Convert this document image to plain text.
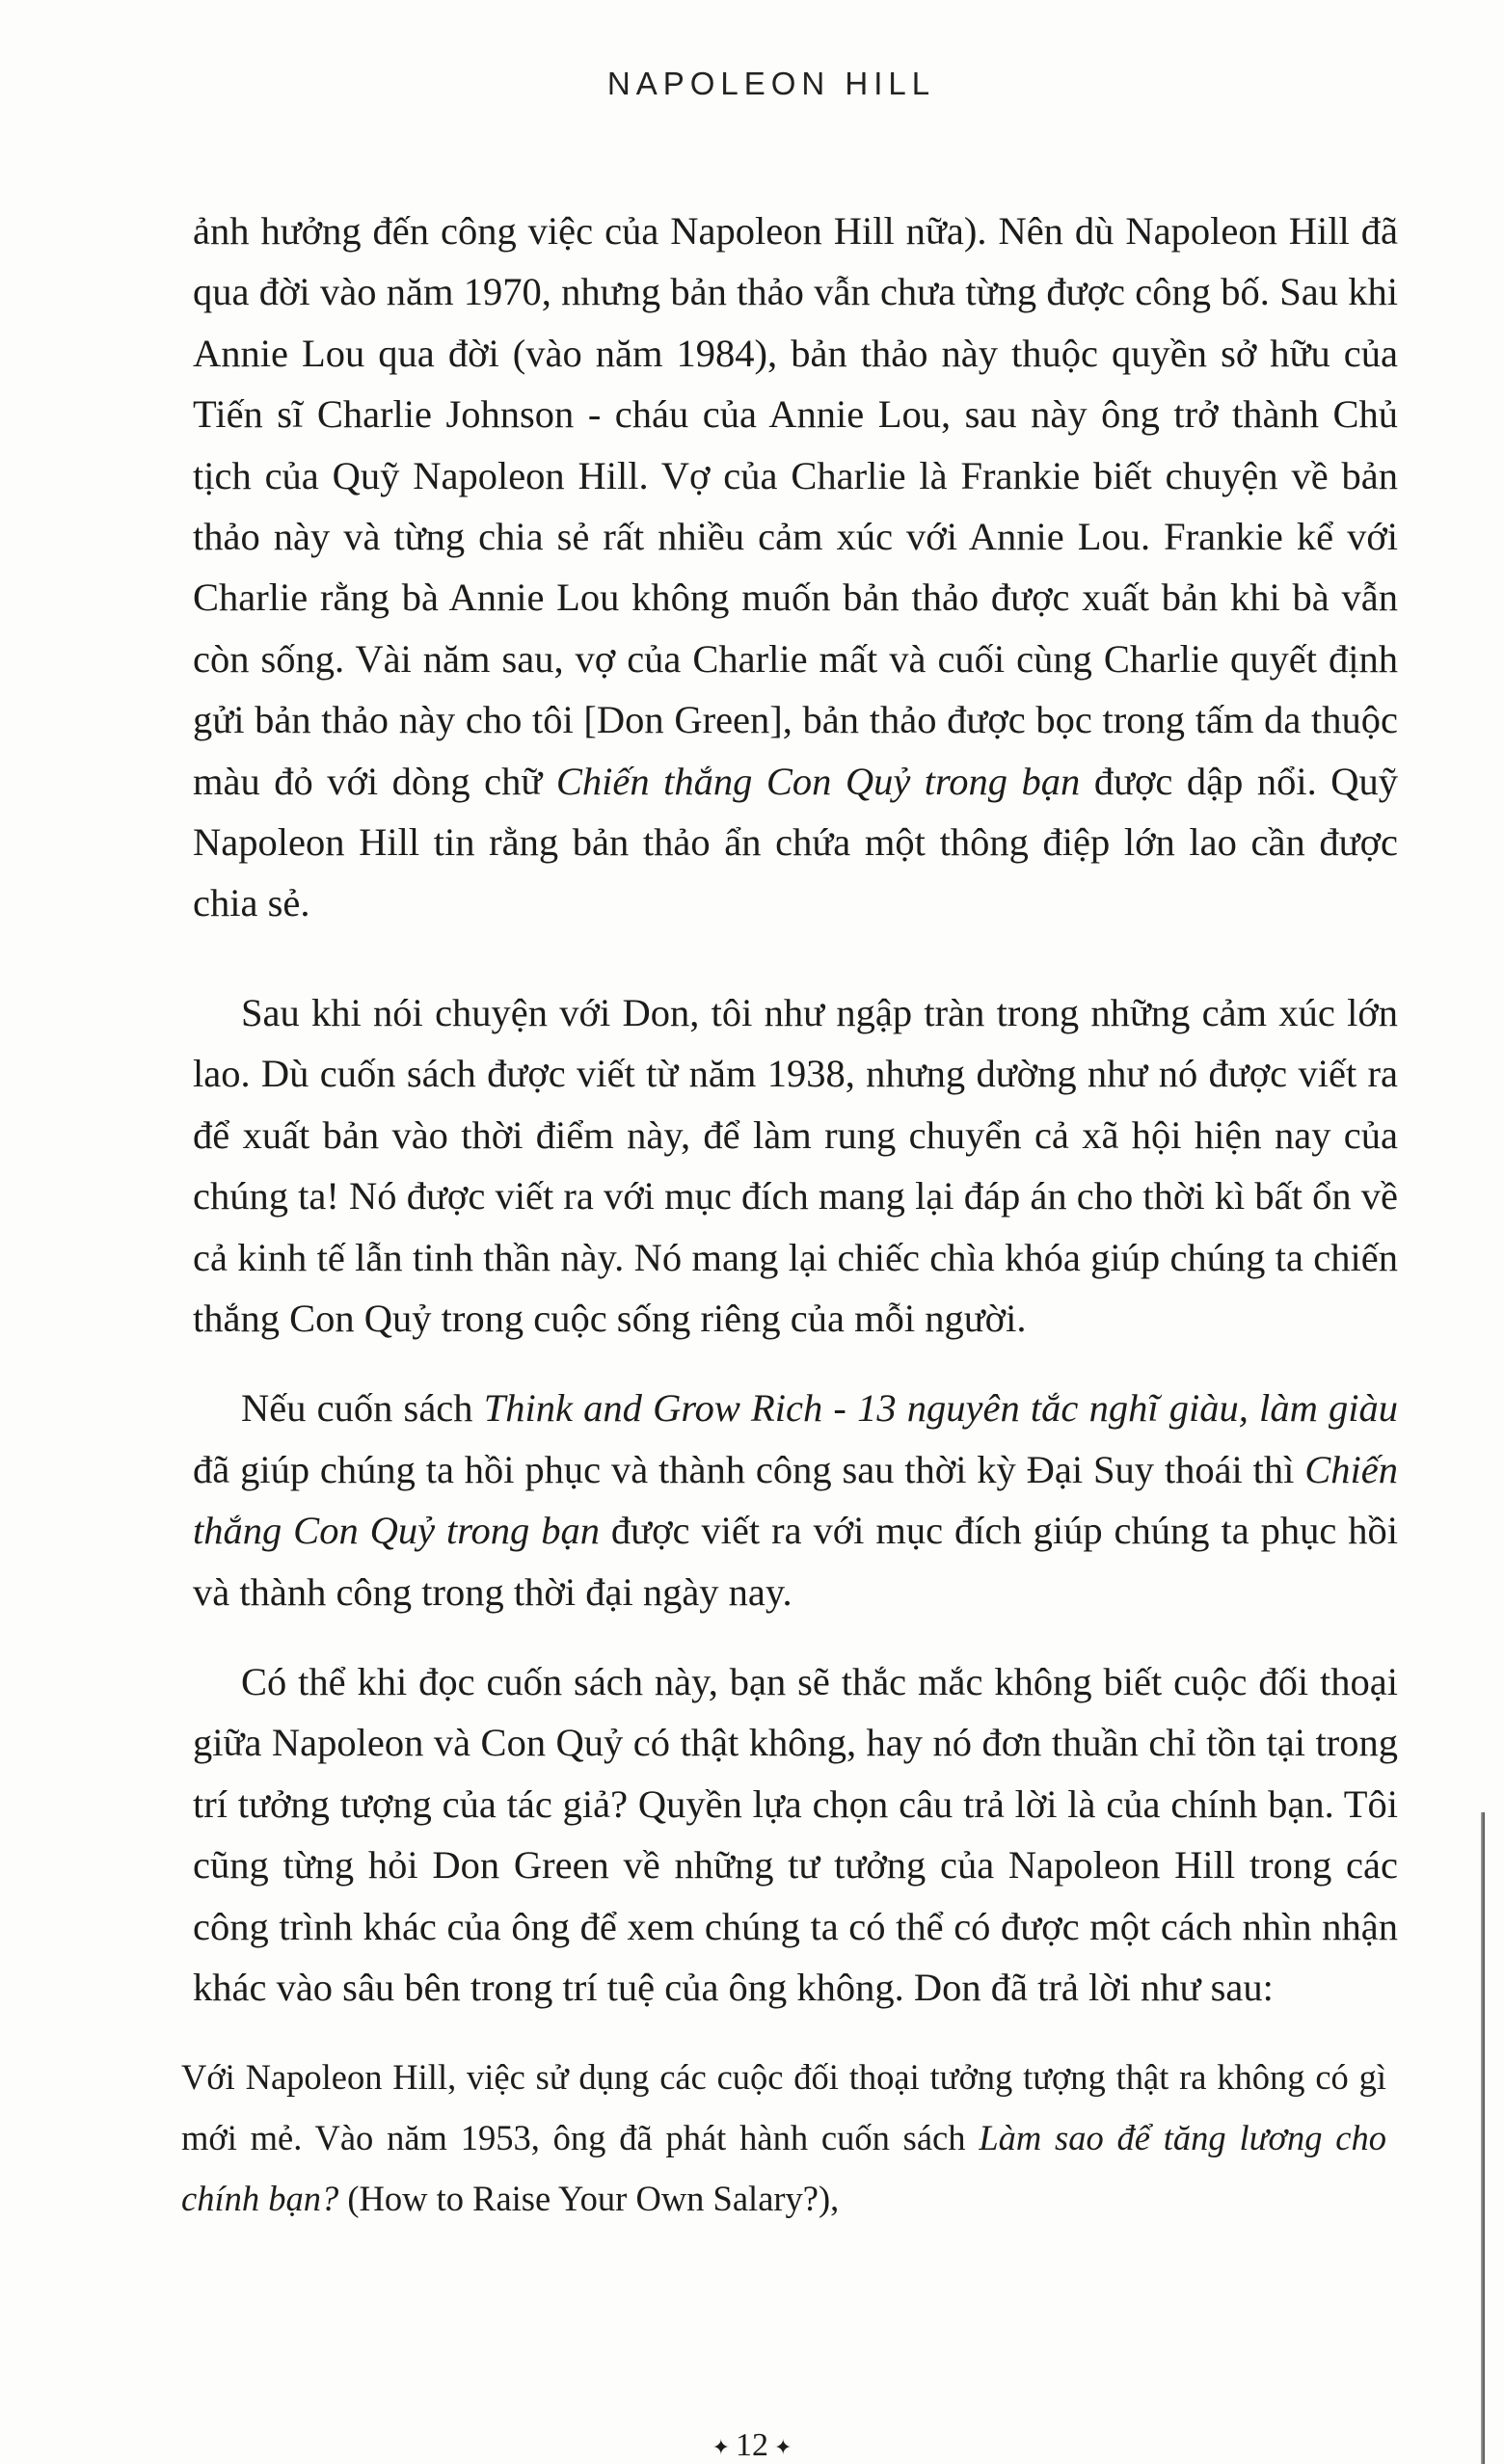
NAPOLEON HILL

ảnh hưởng đến công việc của Napoleon Hill nữa). Nên dù Napoleon Hill đã qua đời vào năm 1970, nhưng bản thảo vẫn chưa từng được công bố. Sau khi Annie Lou qua đời (vào năm 1984), bản thảo này thuộc quyền sở hữu của Tiến sĩ Charlie Johnson - cháu của Annie Lou, sau này ông trở thành Chủ tịch của Quỹ Napoleon Hill. Vợ của Charlie là Frankie biết chuyện về bản thảo này và từng chia sẻ rất nhiều cảm xúc với Annie Lou. Frankie kể với Charlie rằng bà Annie Lou không muốn bản thảo được xuất bản khi bà vẫn còn sống. Vài năm sau, vợ của Charlie mất và cuối cùng Charlie quyết định gửi bản thảo này cho tôi [Don Green], bản thảo được bọc trong tấm da thuộc màu đỏ với dòng chữ Chiến thắng Con Quỷ trong bạn được dập nổi. Quỹ Napoleon Hill tin rằng bản thảo ẩn chứa một thông điệp lớn lao cần được chia sẻ.

Sau khi nói chuyện với Don, tôi như ngập tràn trong những cảm xúc lớn lao. Dù cuốn sách được viết từ năm 1938, nhưng dường như nó được viết ra để xuất bản vào thời điểm này, để làm rung chuyển cả xã hội hiện nay của chúng ta! Nó được viết ra với mục đích mang lại đáp án cho thời kì bất ổn về cả kinh tế lẫn tinh thần này. Nó mang lại chiếc chìa khóa giúp chúng ta chiến thắng Con Quỷ trong cuộc sống riêng của mỗi người.

Nếu cuốn sách Think and Grow Rich - 13 nguyên tắc nghĩ giàu, làm giàu đã giúp chúng ta hồi phục và thành công sau thời kỳ Đại Suy thoái thì Chiến thắng Con Quỷ trong bạn được viết ra với mục đích giúp chúng ta phục hồi và thành công trong thời đại ngày nay.

Có thể khi đọc cuốn sách này, bạn sẽ thắc mắc không biết cuộc đối thoại giữa Napoleon và Con Quỷ có thật không, hay nó đơn thuần chỉ tồn tại trong trí tưởng tượng của tác giả? Quyền lựa chọn câu trả lời là của chính bạn. Tôi cũng từng hỏi Don Green về những tư tưởng của Napoleon Hill trong các công trình khác của ông để xem chúng ta có thể có được một cách nhìn nhận khác vào sâu bên trong trí tuệ của ông không. Don đã trả lời như sau:

Với Napoleon Hill, việc sử dụng các cuộc đối thoại tưởng tượng thật ra không có gì mới mẻ. Vào năm 1953, ông đã phát hành cuốn sách Làm sao để tăng lương cho chính bạn? (How to Raise Your Own Salary?),

✦ 12 ✦
